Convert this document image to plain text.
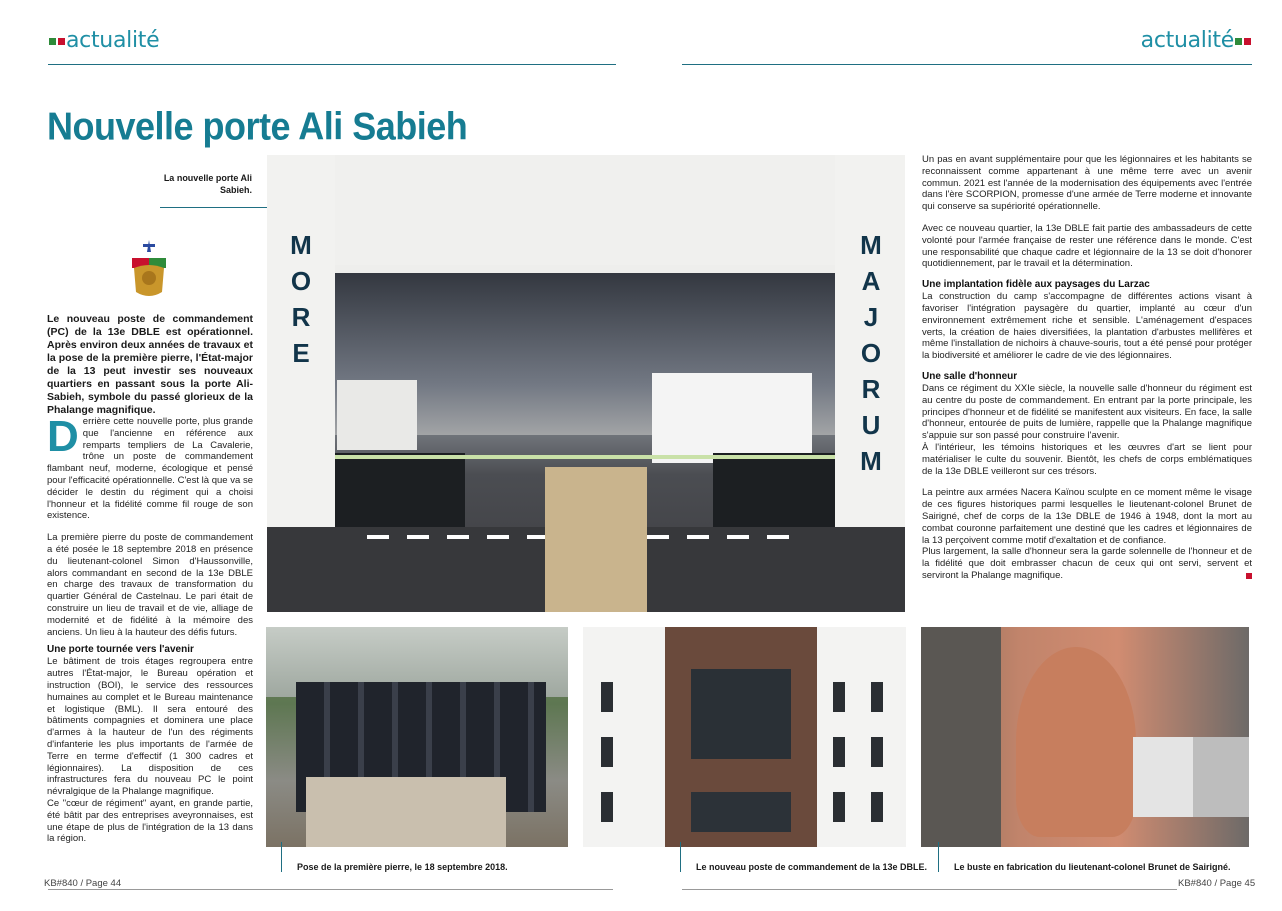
actualité	actualité
Nouvelle porte Ali Sabieh
La nouvelle porte Ali Sabieh.
Le nouveau poste de commandement (PC) de la 13e DBLE est opérationnel. Après environ deux années de travaux et la pose de la première pierre, l'État-major de la 13 peut investir ses nouveaux quartiers en passant sous la porte Ali-Sabieh, symbole du passé glorieux de la Phalange magnifique.

Derrière cette nouvelle porte, plus grande que l'ancienne en référence aux remparts templiers de La Cavalerie, trône un poste de commandement flambant neuf, moderne, écologique et pensé pour l'efficacité opérationnelle. C'est là que va se décider le destin du régiment qui a choisi l'honneur et la fidélité comme fil rouge de son existence.

La première pierre du poste de commandement a été posée le 18 septembre 2018 en présence du lieutenant-colonel Simon d'Haussonville, alors commandant en second de la 13e DBLE en charge des travaux de transformation du quartier Général de Castelnau. Le pari était de construire un lieu de travail et de vie, alliage de modernité et de fidélité à la mémoire des anciens. Un lieu à la hauteur des défis futurs.

Une porte tournée vers l'avenir

Le bâtiment de trois étages regroupera entre autres l'État-major, le Bureau opération et instruction (BOI), le service des ressources humaines au complet et le Bureau maintenance et logistique (BML). Il sera entouré des bâtiments compagnies et dominera une place d'armes à la hauteur de l'un des régiments d'infanterie les plus importants de l'armée de Terre en terme d'effectif (1 300 cadres et légionnaires). La disposition de ces infrastructures fera du nouveau PC le point névralgique de la Phalange magnifique.

Ce "cœur de régiment" ayant, en grande partie, été bâtit par des entreprises aveyronnaises, est une étape de plus de l'intégration de la 13 dans la région.

M
O
R
E
M
A
J
O
R
U
M

Un pas en avant supplémentaire pour que les légionnaires et les habitants se reconnaissent comme appartenant à une même terre avec un avenir commun. 2021 est l'année de la modernisation des équipements avec l'entrée dans l'ère SCORPION, promesse d'une armée de Terre moderne et innovante qui conserve sa supériorité opérationnelle.

Avec ce nouveau quartier, la 13e DBLE fait partie des ambassadeurs de cette volonté pour l'armée française de rester une référence dans le monde. C'est une responsabilité que chaque cadre et légionnaire de la 13 se doit d'honorer quotidiennement, par le travail et la détermination.

Une implantation fidèle aux paysages du Larzac

La construction du camp s'accompagne de différentes actions visant à favoriser l'intégration paysagère du quartier, implanté au cœur d'un environnement extrêmement riche et sensible. L'aménagement d'espaces verts, la création de haies diversifiées, la plantation d'arbustes mellifères et même l'installation de nichoirs à chauve-souris, tout a été pensé pour protéger la biodiversité et améliorer le cadre de vie des légionnaires.

Une salle d'honneur

Dans ce régiment du XXIe siècle, la nouvelle salle d'honneur du régiment est au centre du poste de commandement. En entrant par la porte principale, les principes d'honneur et de fidélité se manifestent aux visiteurs. En face, la salle d'honneur, entourée de puits de lumière, rappelle que la Phalange magnifique s'appuie sur son passé pour construire l'avenir.

À l'intérieur, les témoins historiques et les œuvres d'art se lient pour matérialiser le culte du souvenir. Bientôt, les chefs de corps emblématiques de la 13e DBLE veilleront sur ces trésors.

La peintre aux armées Nacera Kaïnou sculpte en ce moment même le visage de ces figures historiques parmi lesquelles le lieutenant-colonel Brunet de Sairigné, chef de corps de la 13e DBLE de 1946 à 1948, dont la mort au combat couronne parfaitement une destiné que les cadres et légionnaires de la 13 perçoivent comme motif d'exaltation et de confiance.

Plus largement, la salle d'honneur sera la garde solennelle de l'honneur et de la fidélité que doit embrasser chacun de ceux qui ont servi, servent et serviront la Phalange magnifique.

Pose de la première pierre, le 18 septembre 2018.	Le nouveau poste de commandement de la 13e DBLE.	Le buste en fabrication du lieutenant-colonel Brunet de Sairigné.
KB#840 / Page 44	KB#840 / Page 45
